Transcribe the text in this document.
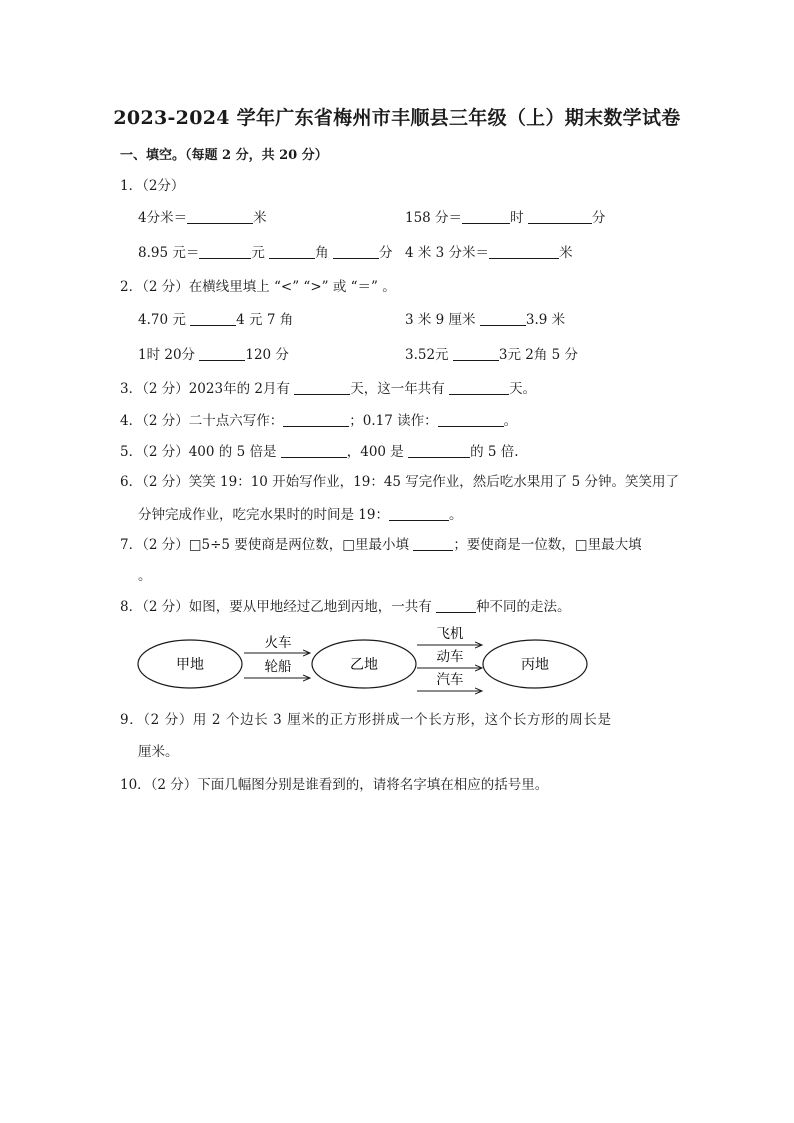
2023-2024 学年广东省梅州市丰顺县三年级（上）期末数学试卷
一、填空。（每题 2 分，共 20 分）
1．（2分）
4分米＝	米	158 分＝	时	分
8.95 元＝	元	角	分 4 米 3 分米＝	米
2．（2 分）在横线里填上 “<” “>” 或 “＝” 。
4.70 元	4 元 7 角	3 米 9 厘米	3.9 米
1时 20分	120 分	3.52元	3元 2角 5 分
3．（2 分）2023年的 2月有	天，这一年共有	天。
4．（2 分）二十点六写作：	；0.17 读作：	。
5．（2 分）400 的 5 倍是	，400 是	的 5 倍.
6．（2 分）笑笑 19：10 开始写作业，19：45 写完作业，然后吃水果用了 5 分钟。笑笑用了
分钟完成作业，吃完水果时的时间是 19：	。
7．（2 分）□5÷5 要使商是两位数，□里最小填	；要使商是一位数，□里最大填
。
8．（2 分）如图，要从甲地经过乙地到丙地，一共有	种不同的走法。
甲地	乙地	丙地
火车
轮船
飞机
动车
汽车
9．（2 分）用 2 个边长 3 厘米的正方形拼成一个长方形，这个长方形的周长是
厘米。
10．（2 分）下面几幅图分别是谁看到的，请将名字填在相应的括号里。
